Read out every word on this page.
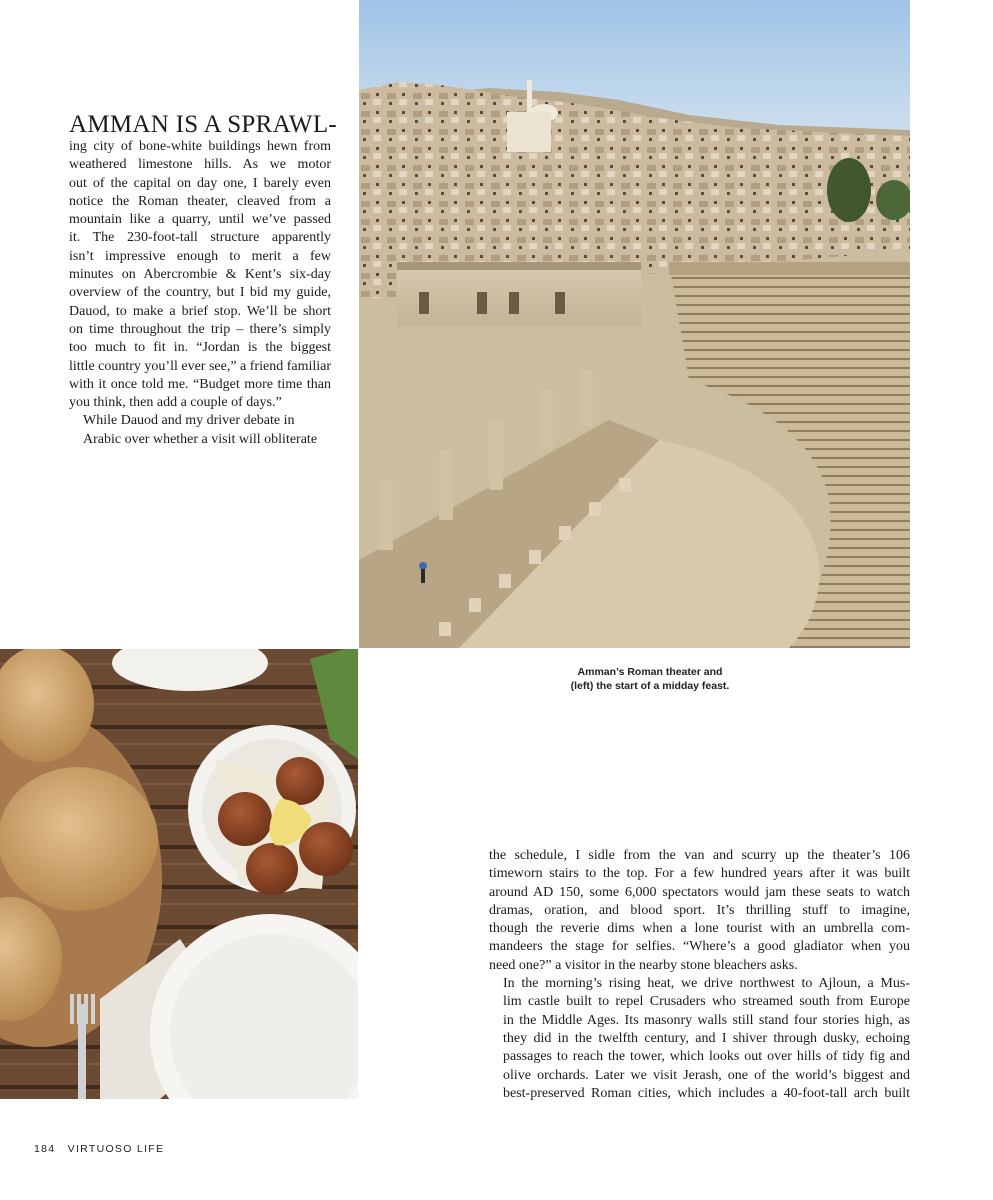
AMMAN IS A SPRAWL-

ing city of bone-white buildings hewn from
weathered limestone hills. As we motor
out of the capital on day one, I barely even
notice the Roman theater, cleaved from a
mountain like a quarry, until we’ve passed
it. The 230-foot-tall structure apparently
isn’t impressive enough to merit a few
minutes on Abercrombie & Kent’s six-day
overview of the country, but I bid my guide,
Dauod, to make a brief stop. We’ll be short
on time throughout the trip – there’s simply
too much to fit in. “Jordan is the biggest
little country you’ll ever see,” a friend familiar
with it once told me. “Budget more time than
you think, then add a couple of days.”

While Dauod and my driver debate in
Arabic over whether a visit will obliterate

Amman’s Roman theater and
(left) the start of a midday feast.

the schedule, I sidle from the van and scurry up the theater’s 106
timeworn stairs to the top. For a few hundred years after it was built
around AD 150, some 6,000 spectators would jam these seats to watch
dramas, oration, and blood sport. It’s thrilling stuff to imagine,
though the reverie dims when a lone tourist with an umbrella com-
mandeers the stage for selfies. “Where’s a good gladiator when you
need one?” a visitor in the nearby stone bleachers asks.

In the morning’s rising heat, we drive northwest to Ajloun, a Mus-
lim castle built to repel Crusaders who streamed south from Europe
in the Middle Ages. Its masonry walls still stand four stories high, as
they did in the twelfth century, and I shiver through dusky, echoing
passages to reach the tower, which looks out over hills of tidy fig and
olive orchards. Later we visit Jerash, one of the world’s biggest and
best-preserved Roman cities, which includes a 40-foot-tall arch built

184 VIRTUOSO LIFE
